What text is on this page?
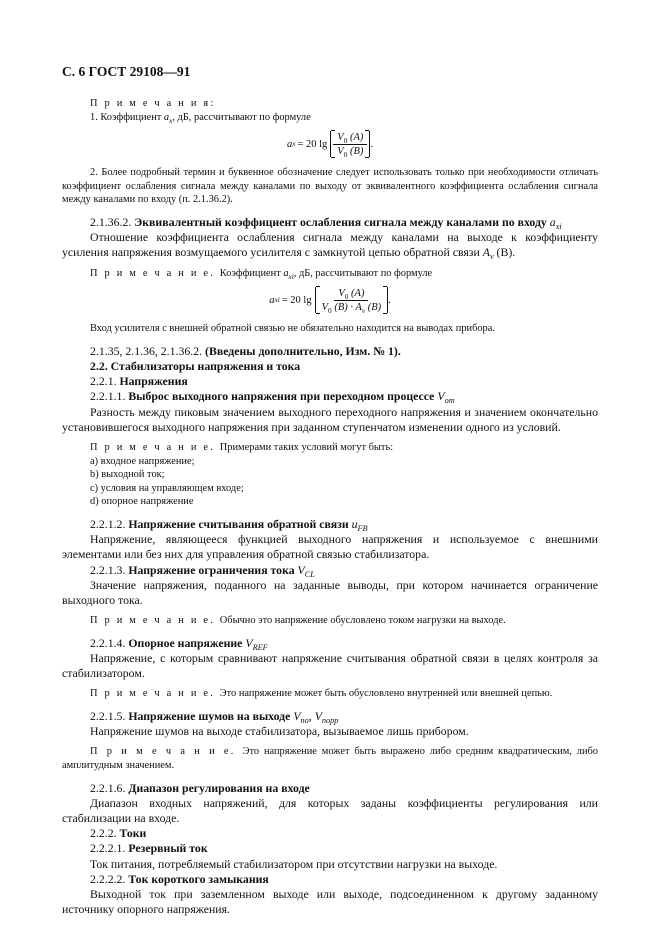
С. 6 ГОСТ 29108—91
П р и м е ч а н и я:
1. Коэффициент $a_x$, дБ, рассчитывают по формуле
a x = 20 $\lg \frac{V_0 (A)}{V_0 (B)}$ .
2. Более подробный термин и буквенное обозначение следует использовать только при необходимости отличать коэффициент ослабления сигнала между каналами по выходу от эквивалентного коэффициента ослабления сигнала между каналами по входу (п. 2.1.36.2).
2.1.36.2. Эквивалентный коэффициент ослабления сигнала между каналами по входу $a_{xi}$
Отношение коэффициента ослабления сигнала между каналами на выходе к коэффициенту усиления напряжения возмущаемого усилителя с замкнутой цепью обратной связи $A_v$ (B).
П р и м е ч а н и е. Коэффициент $a_{xi}$, дБ, рассчитывают по формуле
a xi = 20 $\lg \frac{V_0 (A)}{V_0 (B) \cdot A_v (B)}$ .
Вход усилителя с внешней обратной связью не обязательно находится на выводах прибора.
2.1.35, 2.1.36, 2.1.36.2. (Введены дополнительно, Изм. № 1).
2.2. Стабилизаторы напряжения и тока
2.2.1. Напряжения
2.2.1.1. Выброс выходного напряжения при переходном процессе $V_{om}$
Разность между пиковым значением выходного переходного напряжения и значением окончательно установившегося выходного напряжения при заданном ступенчатом изменении одного из условий.
П р и м е ч а н и е. Примерами таких условий могут быть:
а) входное напряжение;
b) выходной ток;
с) условия на управляющем входе;
d) опорное напряжение
2.2.1.2. Напряжение считывания обратной связи $u_{FB}$
Напряжение, являющееся функцией выходного напряжения и используемое с внешними элементами или без них для управления обратной связью стабилизатора.
2.2.1.3. Напряжение ограничения тока $V_{CL}$
Значение напряжения, поданного на заданные выводы, при котором начинается ограничение выходного тока.
П р и м е ч а н и е. Обычно это напряжение обусловлено током нагрузки на выходе.
2.2.1.4. Опорное напряжение $V_{REF}$
Напряжение, с которым сравнивают напряжение считывания обратной связи в целях контроля за стабилизатором.
П р и м е ч а н и е. Это напряжение может быть обусловлено внутренней или внешней цепью.
2.2.1.5. Напряжение шумов на выходе $V_{no}$, $V_{nopp}$
Напряжение шумов на выходе стабилизатора, вызываемое лишь прибором.
П р и м е ч а н и е. Это напряжение может быть выражено либо средним квадратическим, либо амплитудным значением.
2.2.1.6. Диапазон регулирования на входе
Диапазон входных напряжений, для которых заданы коэффициенты регулирования или стабилизации на входе.
2.2.2. Токи
2.2.2.1. Резервный ток
Ток питания, потребляемый стабилизатором при отсутствии нагрузки на выходе.
2.2.2.2. Ток короткого замыкания
Выходной ток при заземленном выходе или выходе, подсоединенном к другому заданному источнику опорного напряжения.
